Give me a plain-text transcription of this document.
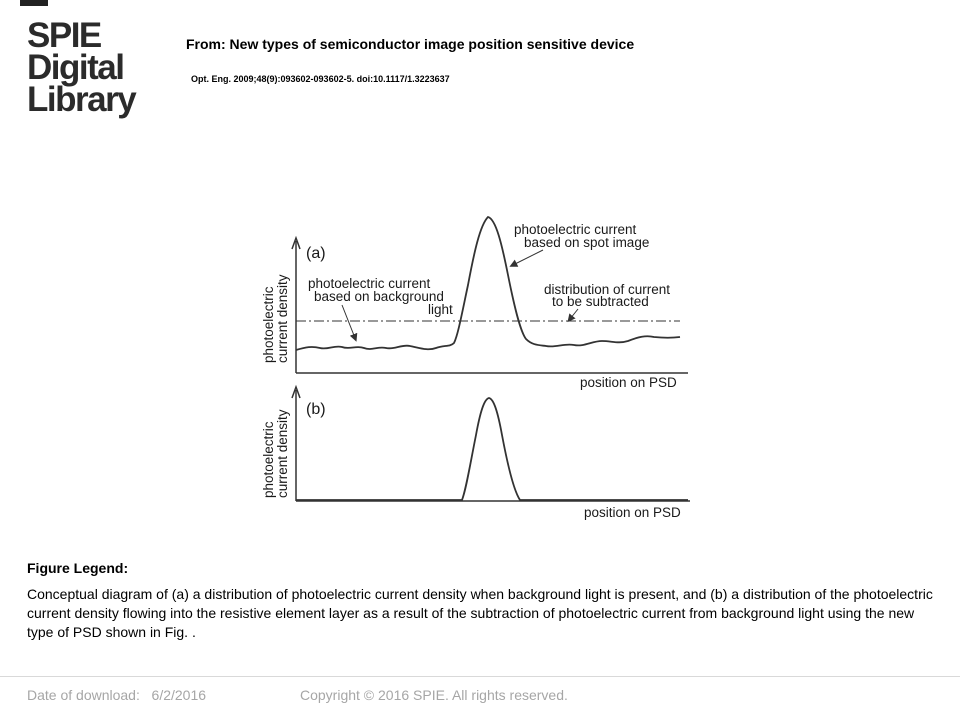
SPIE
Digital
Library
From: New types of semiconductor image position sensitive device
Opt. Eng. 2009;48(9):093602-093602-5. doi:10.1117/1.3223637
(a)
photoelectric current density
position on PSD
photoelectric current
based on spot image
photoelectric current
based on background
light
distribution of current
to be subtracted
(b)
photoelectric current density
position on PSD
Figure Legend:
Conceptual diagram of (a) a distribution of photoelectric current density when background light is present, and (b) a distribution of the photoelectric current density flowing into the resistive element layer as a result of the subtraction of photoelectric current from background light using the new type of PSD shown in Fig. .
Date of download: 6/2/2016	Copyright © 2016 SPIE. All rights reserved.
